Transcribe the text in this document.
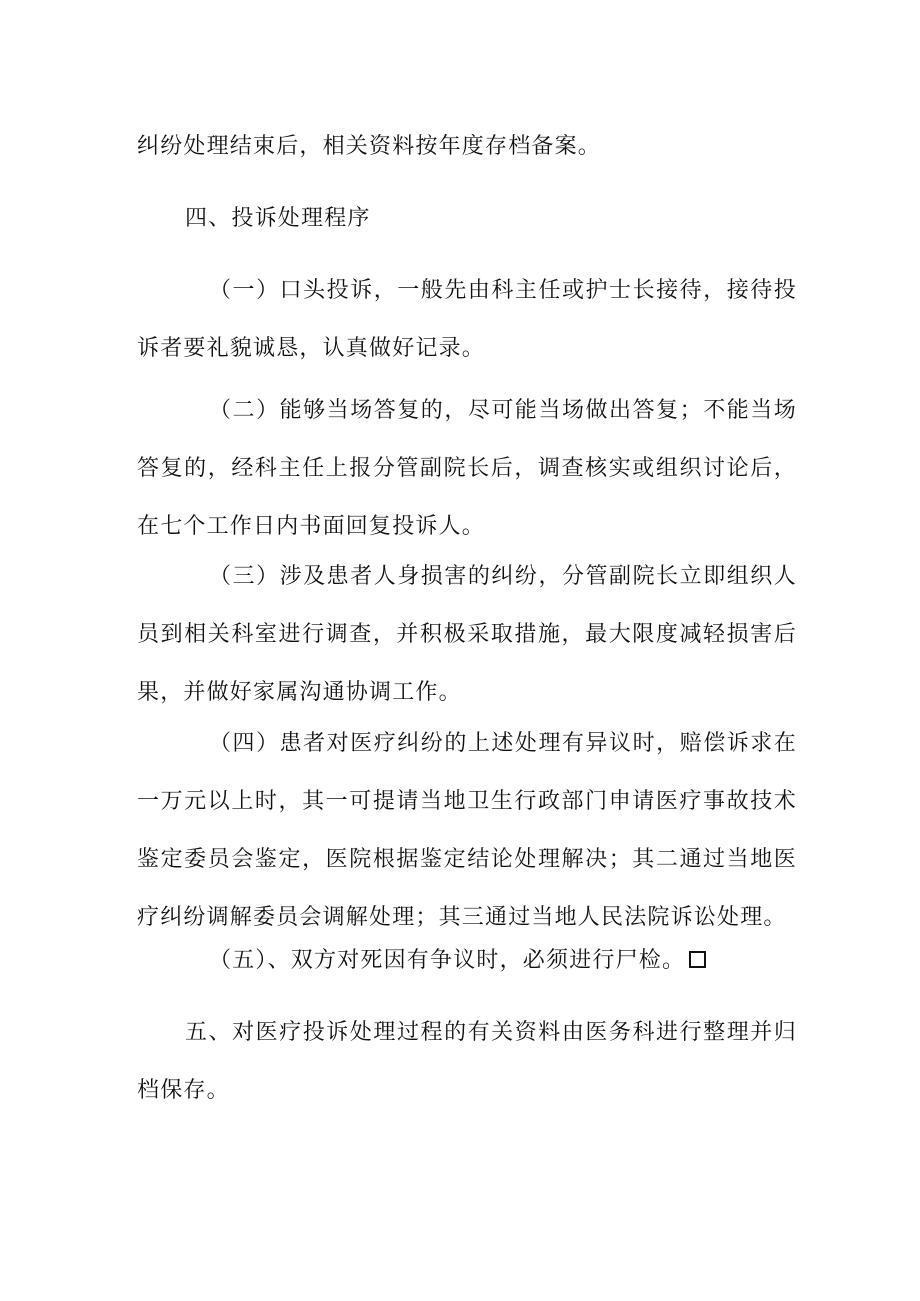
纠纷处理结束后，相关资料按年度存档备案。

四、投诉处理程序

（一）口头投诉，一般先由科主任或护士长接待，接待投诉者要礼貌诚恳，认真做好记录。

（二）能够当场答复的，尽可能当场做出答复；不能当场答复的，经科主任上报分管副院长后，调查核实或组织讨论后，在七个工作日内书面回复投诉人。

（三）涉及患者人身损害的纠纷，分管副院长立即组织人员到相关科室进行调查，并积极采取措施，最大限度减轻损害后果，并做好家属沟通协调工作。

（四）患者对医疗纠纷的上述处理有异议时，赔偿诉求在一万元以上时，其一可提请当地卫生行政部门申请医疗事故技术鉴定委员会鉴定，医院根据鉴定结论处理解决；其二通过当地医疗纠纷调解委员会调解处理；其三通过当地人民法院诉讼处理。

（五）、双方对死因有争议时，必须进行尸检。

五、对医疗投诉处理过程的有关资料由医务科进行整理并归档保存。
